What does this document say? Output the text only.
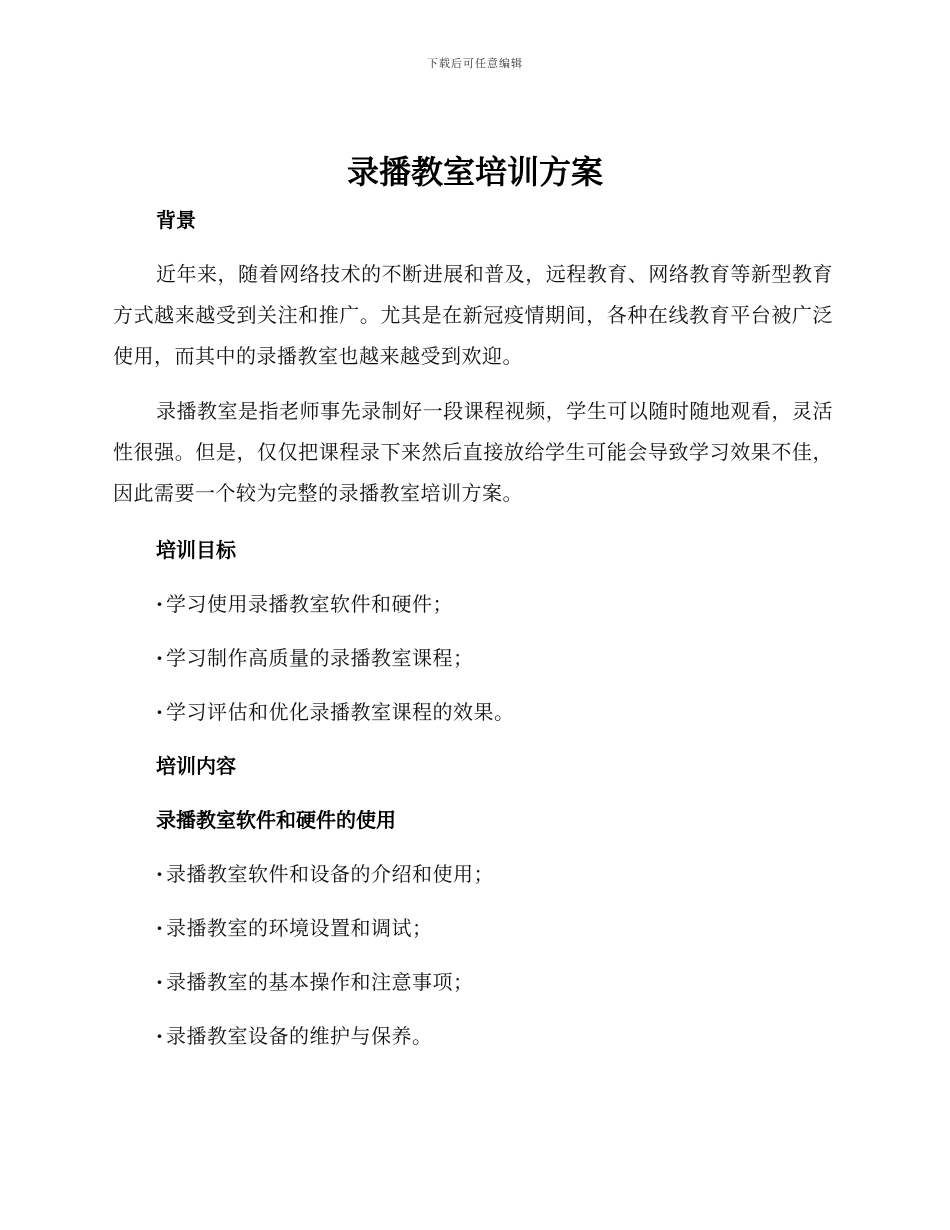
下载后可任意编辑
录播教室培训方案

背景

近年来，随着网络技术的不断进展和普及，远程教育、网络教育等新型教育方式越来越受到关注和推广。尤其是在新冠疫情期间，各种在线教育平台被广泛使用，而其中的录播教室也越来越受到欢迎。

录播教室是指老师事先录制好一段课程视频，学生可以随时随地观看，灵活性很强。但是，仅仅把课程录下来然后直接放给学生可能会导致学习效果不佳，因此需要一个较为完整的录播教室培训方案。

培训目标

· 学习使用录播教室软件和硬件；

· 学习制作高质量的录播教室课程；

· 学习评估和优化录播教室课程的效果。

培训内容

录播教室软件和硬件的使用

· 录播教室软件和设备的介绍和使用；

· 录播教室的环境设置和调试；

· 录播教室的基本操作和注意事项；

· 录播教室设备的维护与保养。
